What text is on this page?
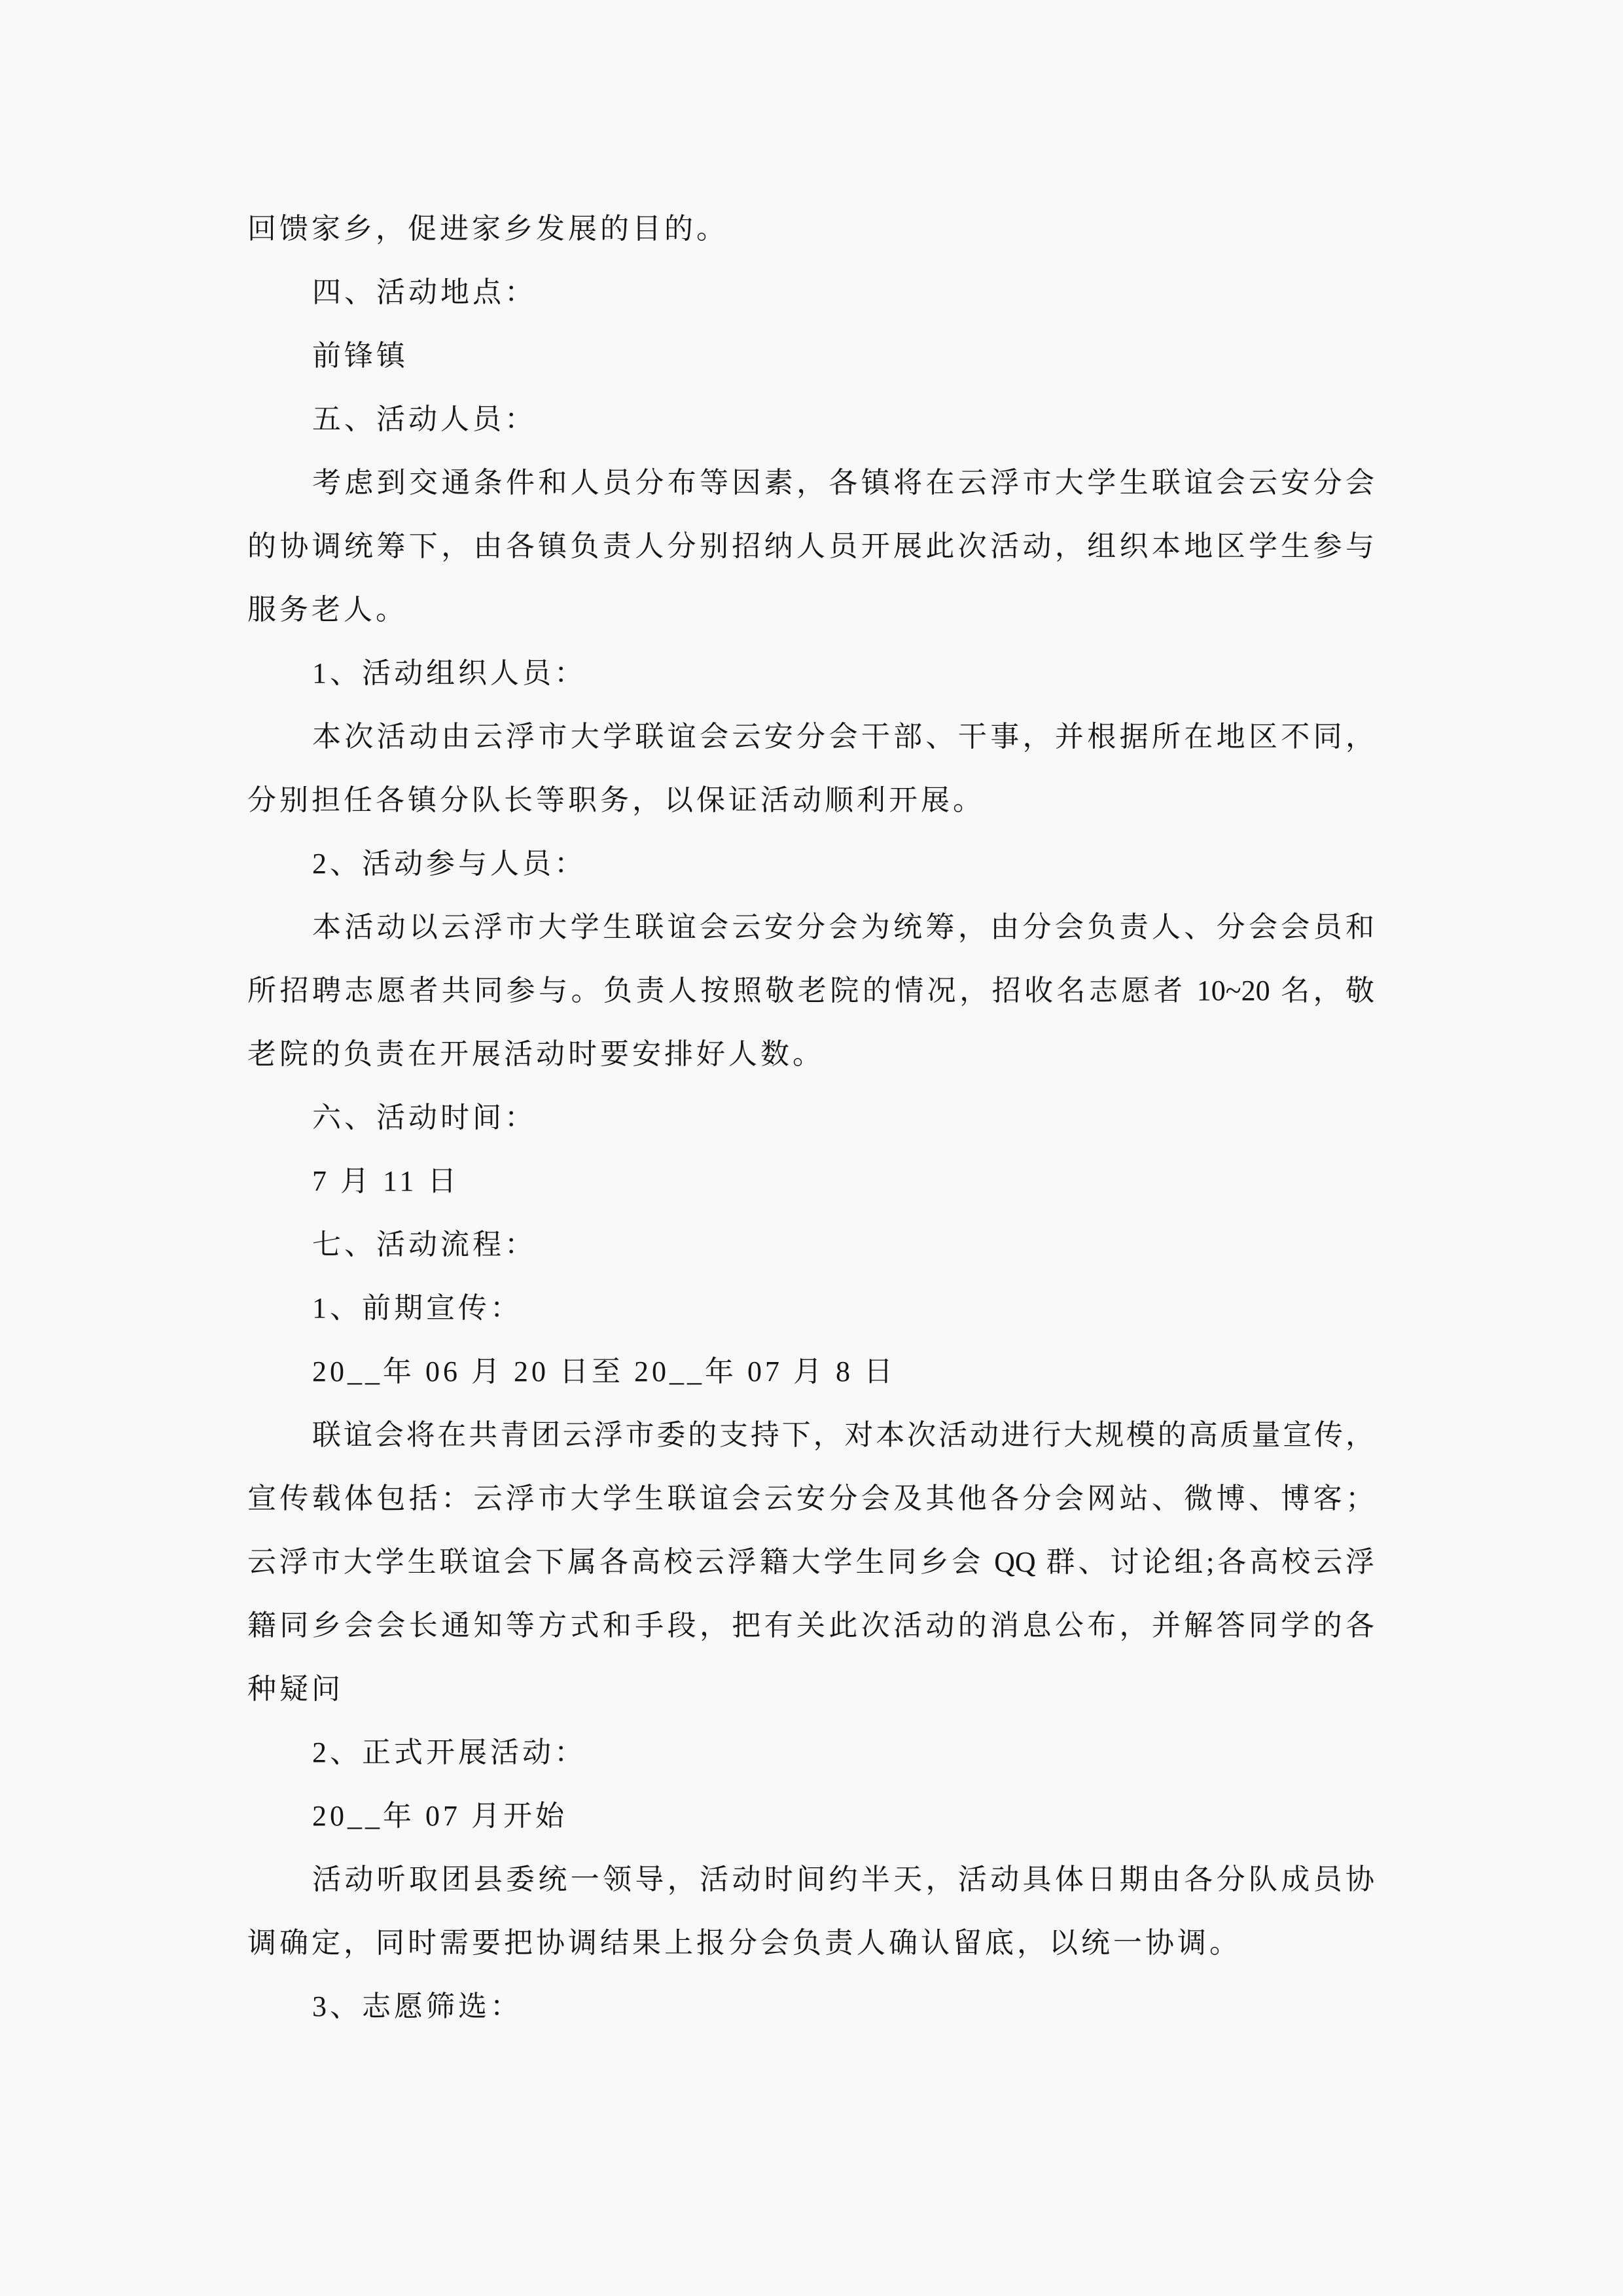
回馈家乡，促进家乡发展的目的。
四、活动地点：
前锋镇
五、活动人员：
考虑到交通条件和人员分布等因素，各镇将在云浮市大学生联谊会云安分会
的协调统筹下，由各镇负责人分别招纳人员开展此次活动，组织本地区学生参与
服务老人。
1、活动组织人员：
本次活动由云浮市大学联谊会云安分会干部、干事，并根据所在地区不同，
分别担任各镇分队长等职务，以保证活动顺利开展。
2、活动参与人员：
本活动以云浮市大学生联谊会云安分会为统筹，由分会负责人、分会会员和
所招聘志愿者共同参与。负责人按照敬老院的情况，招收名志愿者 10~20 名，敬
老院的负责在开展活动时要安排好人数。
六、活动时间：
7 月 11 日
七、活动流程：
1、前期宣传：
20__年 06 月 20 日至 20__年 07 月 8 日
联谊会将在共青团云浮市委的支持下，对本次活动进行大规模的高质量宣传，
宣传载体包括：云浮市大学生联谊会云安分会及其他各分会网站、微博、博客；
云浮市大学生联谊会下属各高校云浮籍大学生同乡会 QQ 群、讨论组;各高校云浮
籍同乡会会长通知等方式和手段，把有关此次活动的消息公布，并解答同学的各
种疑问
2、正式开展活动：
20__年 07 月开始
活动听取团县委统一领导，活动时间约半天，活动具体日期由各分队成员协
调确定，同时需要把协调结果上报分会负责人确认留底，以统一协调。
3、志愿筛选：
